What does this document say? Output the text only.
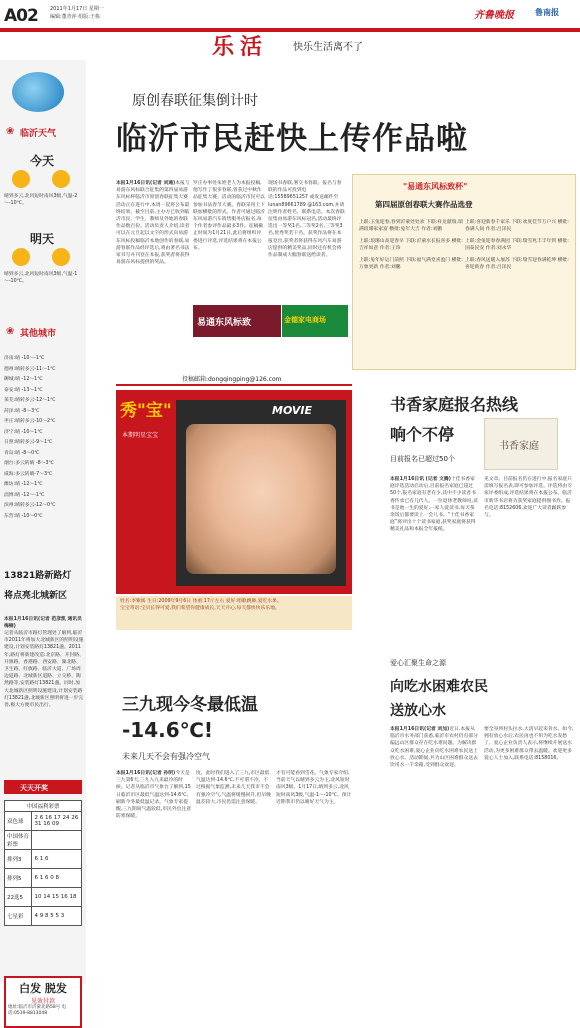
A02 2011年1月17日 星期一
编辑:董青萍 组版:王栋	齐鲁晚报	鲁南报
乐活 快乐生活离不了
临沂天气
❀
今天
晴到多云,北风短时南风3级,气温-2～-10℃。
明天
晴到多云,北风短时南风3级,气温-1～-10℃。
其他城市
❀
济南:晴 -10～-1℃
德州:晴转多云-11～1℃
聊城:晴 -12～1℃
泰安:晴 -13～1℃
莱芜:晴转多云-12～1℃
菏泽:晴 -8～3℃
枣庄:晴转多云-10～2℃
济宁:晴 -10～1℃
日照:晴转多云-9～1℃
青岛:晴 -8～0℃
烟台:多云转晴 -8～3℃
威海:多云转晴-7～3℃
潍坊:晴 -12～1℃
淄博:晴 -12～-1℃
滨州:晴转多云-12～0℃
东营:晴 -10～0℃
13821路新路灯
将点亮北城新区
本报1月16日讯(记者 范彦凯 通讯员 梅楠)
记者从临沂市路灯管理处了解到,临沂市2011年将加大北城新区的照明设施建设,计划安装路灯13821盏。2011年,路灯将新建改造:北京路、开封路、开源路、香港路、西安路、湖北路、卫生路、红旗路、临沂大道、广场周边道路、北城新区道路、立交桥、陶然路等,安装路灯13821盏。同时,加大北城新区照明设施建设,计划安装路灯13821盏,北城新区照明将进一步完善,极大方便市民出行。
天天开奖
中国福利彩票	
双色球	2 6 16 17 24 26 31 16 09
中国体育彩票	
排列3	6 1 6
排列5	6 1 6 0 8
22选5	10 14 15 16 18
七星彩	4 9 8 5 5 3
白发 脱发
见效付款
地址:临沂市沂蒙北路58号 电话:0539-8813048
原创春联征集倒计时
临沂市民赶快上传作品啦
本报1月16日讯(记者 刘通)本报与易游东风标联合征集的第四届易游东风标杯临沂市原创春联征集大赛活动正在进行中,本周一起将公布最终结果。截至目前,主办方已收到临沂市民、学生、教师及外地的春联作品数百份。活动负责人介绍,读者可以在元旦起以文字的形式向易游东风标投稿临沂本地创作的春联,易游春联作品经评选后,将由著名书法家书写并刊登在本报,获奖者将获得易游东风标提供的奖品。
罗庄办事处朱姓老人为本报投稿,他写作了很多春联,曾获过中秋作品征集大赛。活动的临沂市民可以参加书法春节大赛。春联采用上下联加横批的形式。作者可通过临沂东风易游汽车销售服务店报名,每个作者参评作品最多3件。征稿截止时间为1月21日,此后将组织评委进行评选,评选结果将在本报公布。
现场书春联,署交书春联。报名与春联的作品可投到电话:15589651257 或发送邮件至 lunan89661789 @163.com,并请注明作者姓名、联系电话。本次春联征集由易游东风标冠名,活动最终评选出一等奖1名,二等奖2名,三等奖3名,优秀奖若干名。获奖作品将在本报登出,获奖者将获得东风汽车易游店提供的精美奖品,同时还有机会将作品制成大幅春联送给读者。
易通东风标致	金德家电商场
"易通东风标致杯"
第四届原创春联大赛作品选登
上联:玉兔迎春,春到沂蒙处处欢 下联:祥龙献瑞,瑞满琅琊家家富 横批:兔年大吉 作者:刘鹏上联:喜迎新春千家乐 下联:欢度佳节万户兴 横批:春满人间 作者:吕泽民上联:琅琊山高迎春早 下联:沂蒙水长报喜多 横批:吉祥如意 作者:王珍上联:金兔迎春春满园 下联:瑞雪兆丰丰年到 横批:国泰民安 作者:刘永华上联:兔年好运门前照 下联:福气满堂喜盈门 横批:万象更新 作者:刘鹏上联:春风送暖入屠苏 下联:瑞雪迎春满乾坤 横批:喜迎新春 作者:吕泽民
投稿邮箱:dongqingping@126.com
秀"宝"
本期明星宝宝
MOVIE
姓名:李紫嫣 生日:2009年9月6日 体重:17斤左右 爱好:唱歌跳舞,爱吃水果。
宝宝寄语:宝贝长得可爱,我们希望你健康成长,天天开心,每天都快快乐乐地。
书香家庭报名热线
响个不停
目前报名已超过50个
书香家庭
本报1月16日讯 (记者 文腾)十佳书香家庭评选活动启动后,目前报名家庭已超过50个,报名家庭有老有少,其中不少读者书香传承已有几代人。一位退休老教师说,读书是他一生的爱好,一家人爱读书,每天茶余饭后都要读上一会儿书。“十佳书香家庭”将评出十个读书家庭,获奖家庭将获得精美礼品和本报全年报纸。
见文章。目前报名仍在进行中,报名家庭只需填写报名表,即可参加评选。评选将由专家评委组成,评选结果将在本报公布。临沂市新华书店将为获奖家庭提供图书券。报名电话:8152606,欢迎广大读者踊跃参与。
爱心汇聚生命之源
向吃水困难农民
送放心水
本报1月16日讯(记者 刘加)近日,本报从临沂市水务部门获悉,临沂市农村仍有部分偏远山区群众存在吃水难问题。为解决群众吃水困难,爱心企业向吃水困难农民送上放心水。活动期间,共为山区困难群众送去饮用水一千余箱,受到群众欢迎。
要全身到村头拉水,大清早起来背水。如今,拥有放心水后,农民再也不用为吃水发愁了。爱心企业负责人表示,将继续开展送水活动,为更多困难群众带去温暖。欢迎更多爱心人士加入,联系电话:8158016。
三九现今冬最低温
-14.6℃!
未来几天不会有强冷空气
本报1月16日讯(记者 孙明)今天是三九第6天,三九入九来最冷的时候。记者从临沂市气象台了解到,15日临沂市区最低气温达到-14.6℃,刷新今冬最低温记录。气象专家提醒,三九期间气温较低,市民外出注意防寒保暖。
度。此时我们进入了三九,市区最低气温达到-14.6℃,不可谓不冷。不过根据气象监测,未来几天我市不会有强冷空气,气温将缓慢回升,但早晚温差较大,市民仍需注意保暖。
才有可能看到雪花。气象专家介绍,当前天气以晴到多云为主,北风短时南风3级。1月17日,晴到多云,北风短时南风3级,气温-1～-10℃。预计近期我市仍以晴好天气为主。
